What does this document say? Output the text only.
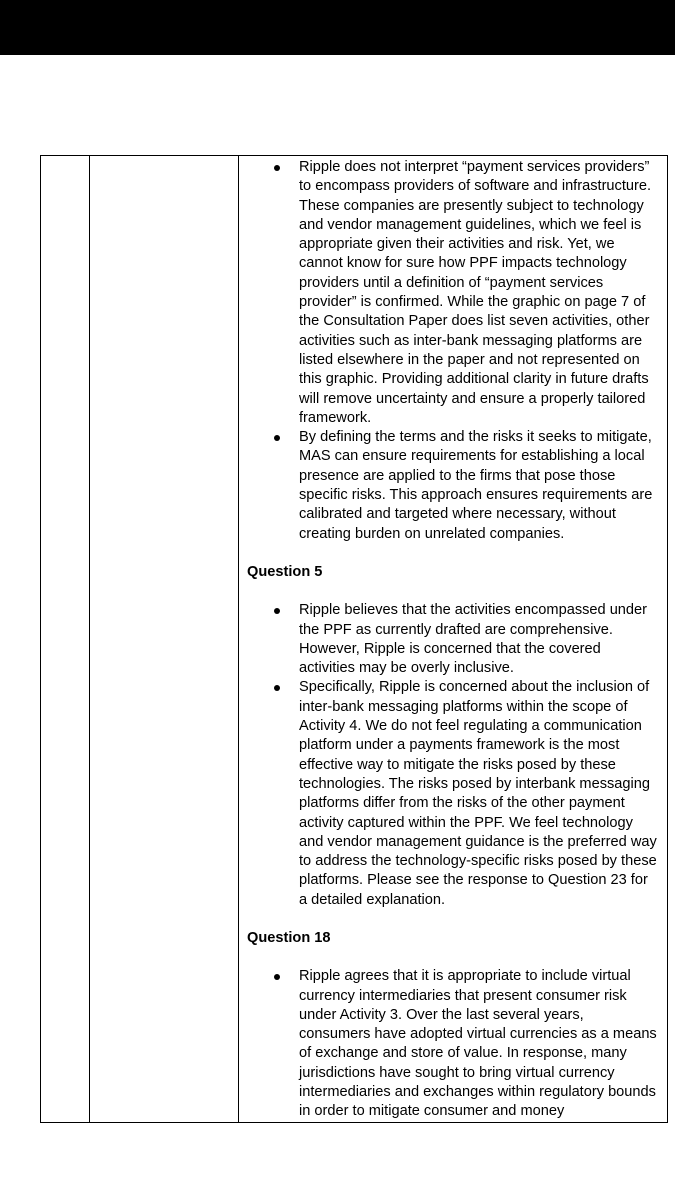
Ripple does not interpret “payment services providers” to encompass providers of software and infrastructure. These companies are presently subject to technology and vendor management guidelines, which we feel is appropriate given their activities and risk. Yet, we cannot know for sure how PPF impacts technology providers until a definition of “payment services provider” is confirmed. While the graphic on page 7 of the Consultation Paper does list seven activities, other activities such as inter-bank messaging platforms are listed elsewhere in the paper and not represented on this graphic. Providing additional clarity in future drafts will remove uncertainty and ensure a properly tailored framework.
By defining the terms and the risks it seeks to mitigate, MAS can ensure requirements for establishing a local presence are applied to the firms that pose those specific risks. This approach ensures requirements are calibrated and targeted where necessary, without creating burden on unrelated companies.

Question 5

Ripple believes that the activities encompassed under the PPF as currently drafted are comprehensive. However, Ripple is concerned that the covered activities may be overly inclusive.
Specifically, Ripple is concerned about the inclusion of inter-bank messaging platforms within the scope of Activity 4. We do not feel regulating a communication platform under a payments framework is the most effective way to mitigate the risks posed by these technologies. The risks posed by interbank messaging platforms differ from the risks of the other payment activity captured within the PPF. We feel technology and vendor management guidance is the preferred way to address the technology-specific risks posed by these platforms. Please see the response to Question 23 for a detailed explanation.

Question 18

Ripple agrees that it is appropriate to include virtual currency intermediaries that present consumer risk under Activity 3. Over the last several years, consumers have adopted virtual currencies as a means of exchange and store of value. In response, many jurisdictions have sought to bring virtual currency intermediaries and exchanges within regulatory bounds in order to mitigate consumer and money
